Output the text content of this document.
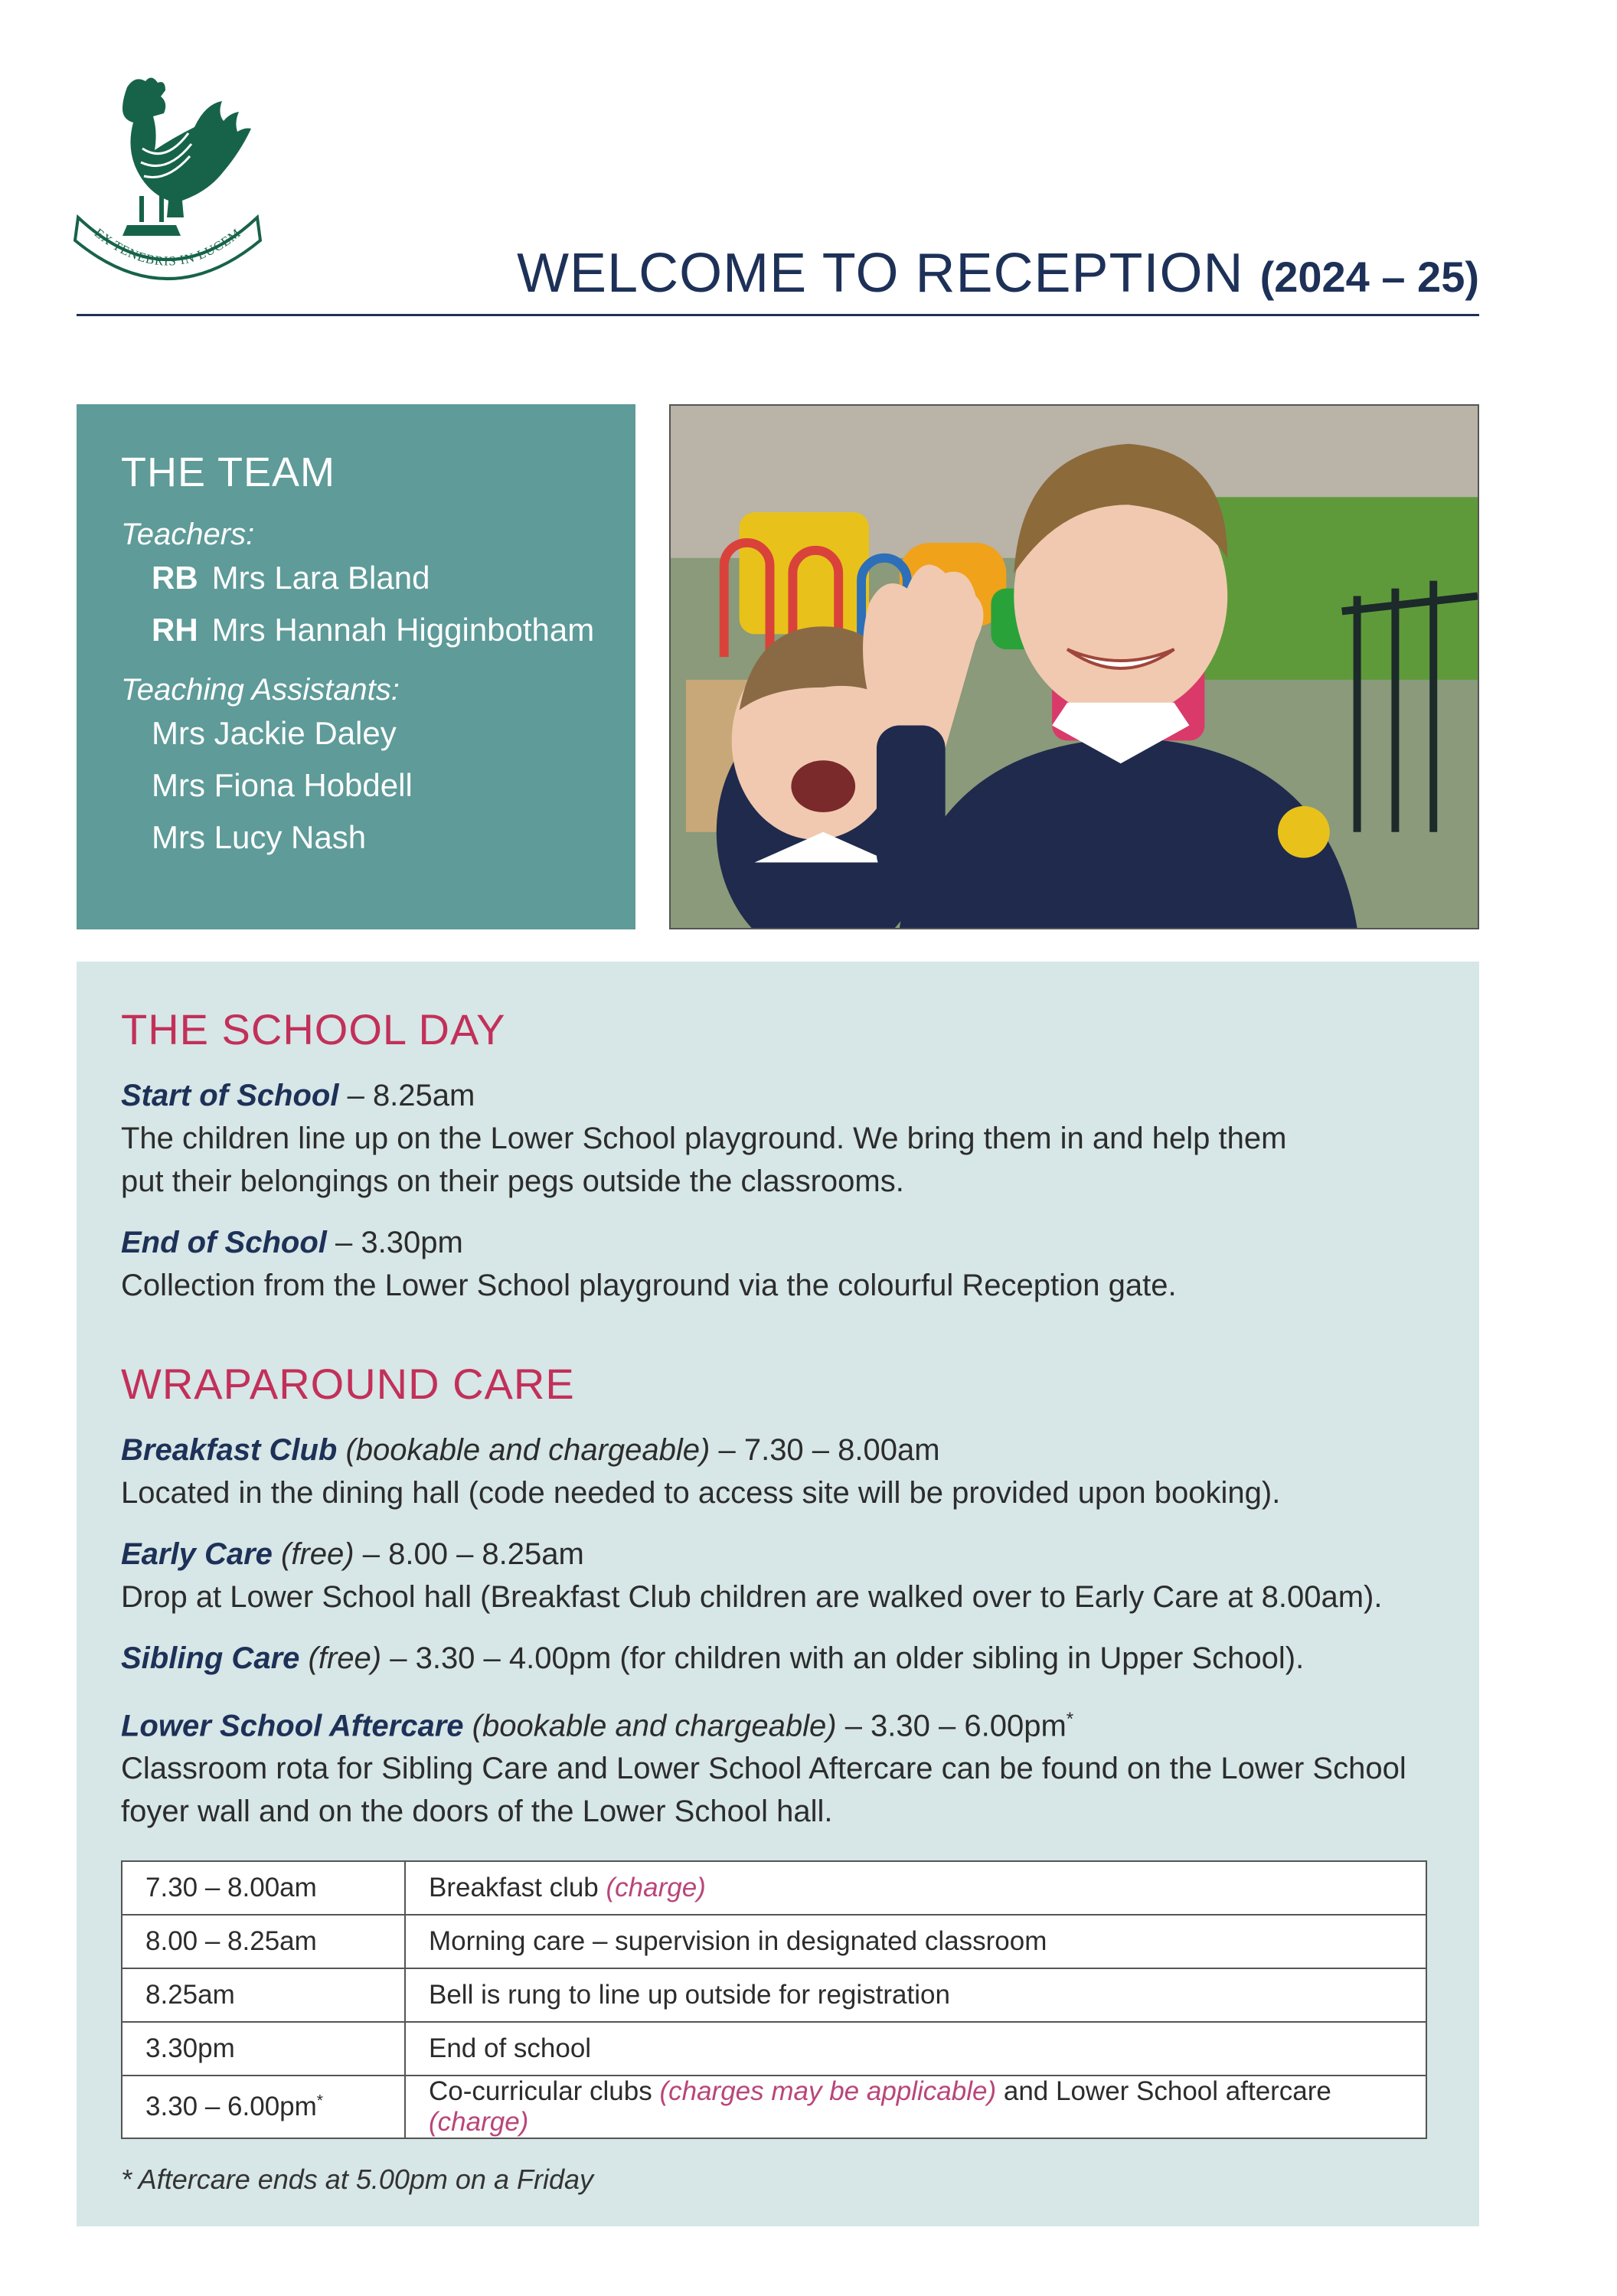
EX TENEBRIS IN LUCEM
WELCOME TO RECEPTION (2024 – 25)
THE TEAM
Teachers:
RB Mrs Lara Bland
RH Mrs Hannah Higginbotham
Teaching Assistants:
Mrs Jackie Daley
Mrs Fiona Hobdell
Mrs Lucy Nash
THE SCHOOL DAY
Start of School – 8.25am
The children line up on the Lower School playground. We bring them in and help them put their belongings on their pegs outside the classrooms.
End of School – 3.30pm
Collection from the Lower School playground via the colourful Reception gate.
WRAPAROUND CARE
Breakfast Club (bookable and chargeable) – 7.30 – 8.00am
Located in the dining hall (code needed to access site will be provided upon booking).
Early Care (free) – 8.00 – 8.25am
Drop at Lower School hall (Breakfast Club children are walked over to Early Care at 8.00am).
Sibling Care (free) – 3.30 – 4.00pm (for children with an older sibling in Upper School).
Lower School Aftercare (bookable and chargeable) – 3.30 – 6.00pm*
Classroom rota for Sibling Care and Lower School Aftercare can be found on the Lower School foyer wall and on the doors of the Lower School hall.
7.30 – 8.00am	Breakfast club (charge)
8.00 – 8.25am	Morning care – supervision in designated classroom
8.25am	Bell is rung to line up outside for registration
3.30pm	End of school
3.30 – 6.00pm*	Co-curricular clubs (charges may be applicable) and Lower School aftercare (charge)
* Aftercare ends at 5.00pm on a Friday
